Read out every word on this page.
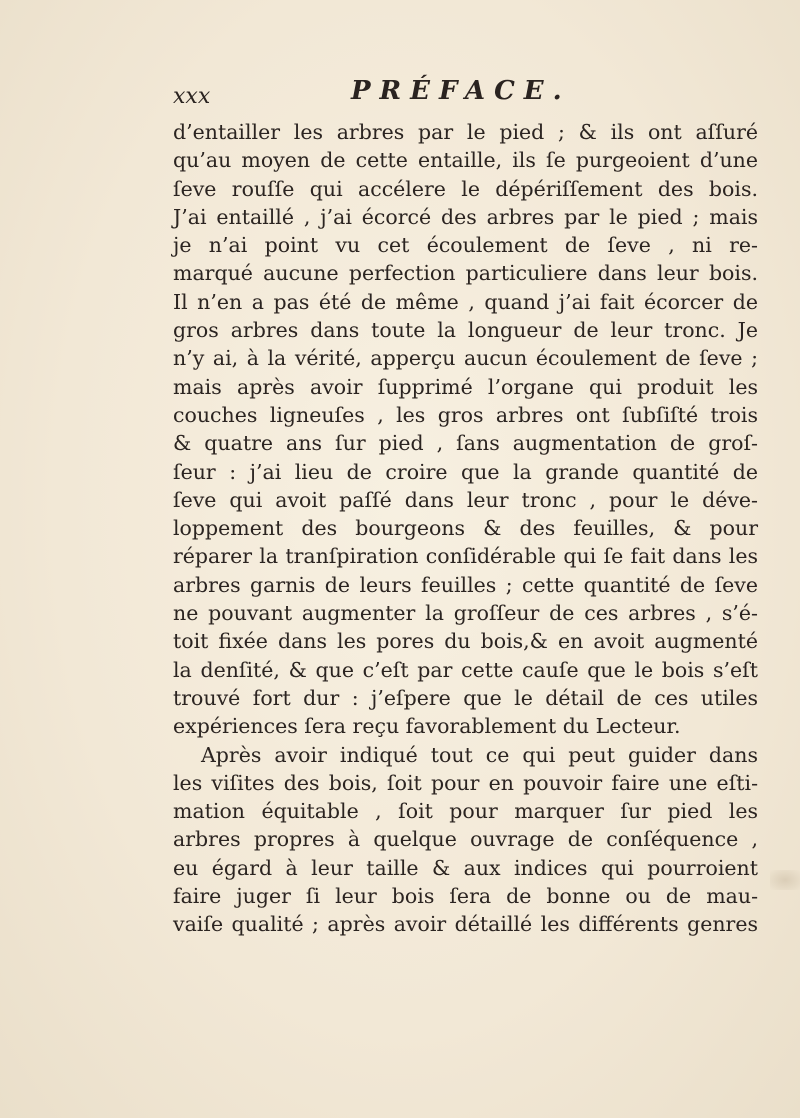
xxx	PRÉFACE.
d’entailler les arbres par le pied ; & ils ont aſſuré
qu’au moyen de cette entaille, ils ſe purgeoient d’une
ſeve rouſſe qui accélere le dépériſſement des bois.
J’ai entaillé , j’ai écorcé des arbres par le pied ; mais
je n’ai point vu cet écoulement de ſeve , ni re-
marqué aucune perfection particuliere dans leur bois.
Il n’en a pas été de même , quand j’ai fait écorcer de
gros arbres dans toute la longueur de leur tronc. Je
n’y ai, à la vérité, apperçu aucun écoulement de ſeve ;
mais après avoir ſupprimé l’organe qui produit les
couches ligneuſes , les gros arbres ont ſubſiſté trois
& quatre ans ſur pied , ſans augmentation de groſ-
ſeur : j’ai lieu de croire que la grande quantité de
ſeve qui avoit paſſé dans leur tronc , pour le déve-
loppement des bourgeons & des feuilles, & pour
réparer la tranſpiration conſidérable qui ſe fait dans les
arbres garnis de leurs feuilles ; cette quantité de ſeve
ne pouvant augmenter la groſſeur de ces arbres , s’é-
toit fixée dans les pores du bois,& en avoit augmenté
la denſité, & que c’eſt par cette cauſe que le bois s’eſt
trouvé fort dur : j’eſpere que le détail de ces utiles
expériences ſera reçu favorablement du Lecteur.
Après avoir indiqué tout ce qui peut guider dans
les viſites des bois, ſoit pour en pouvoir faire une eſti-
mation équitable , ſoit pour marquer ſur pied les
arbres propres à quelque ouvrage de conſéquence ,
eu égard à leur taille & aux indices qui pourroient
faire juger ſi leur bois ſera de bonne ou de mau-
vaiſe qualité ; après avoir détaillé les différents genres
